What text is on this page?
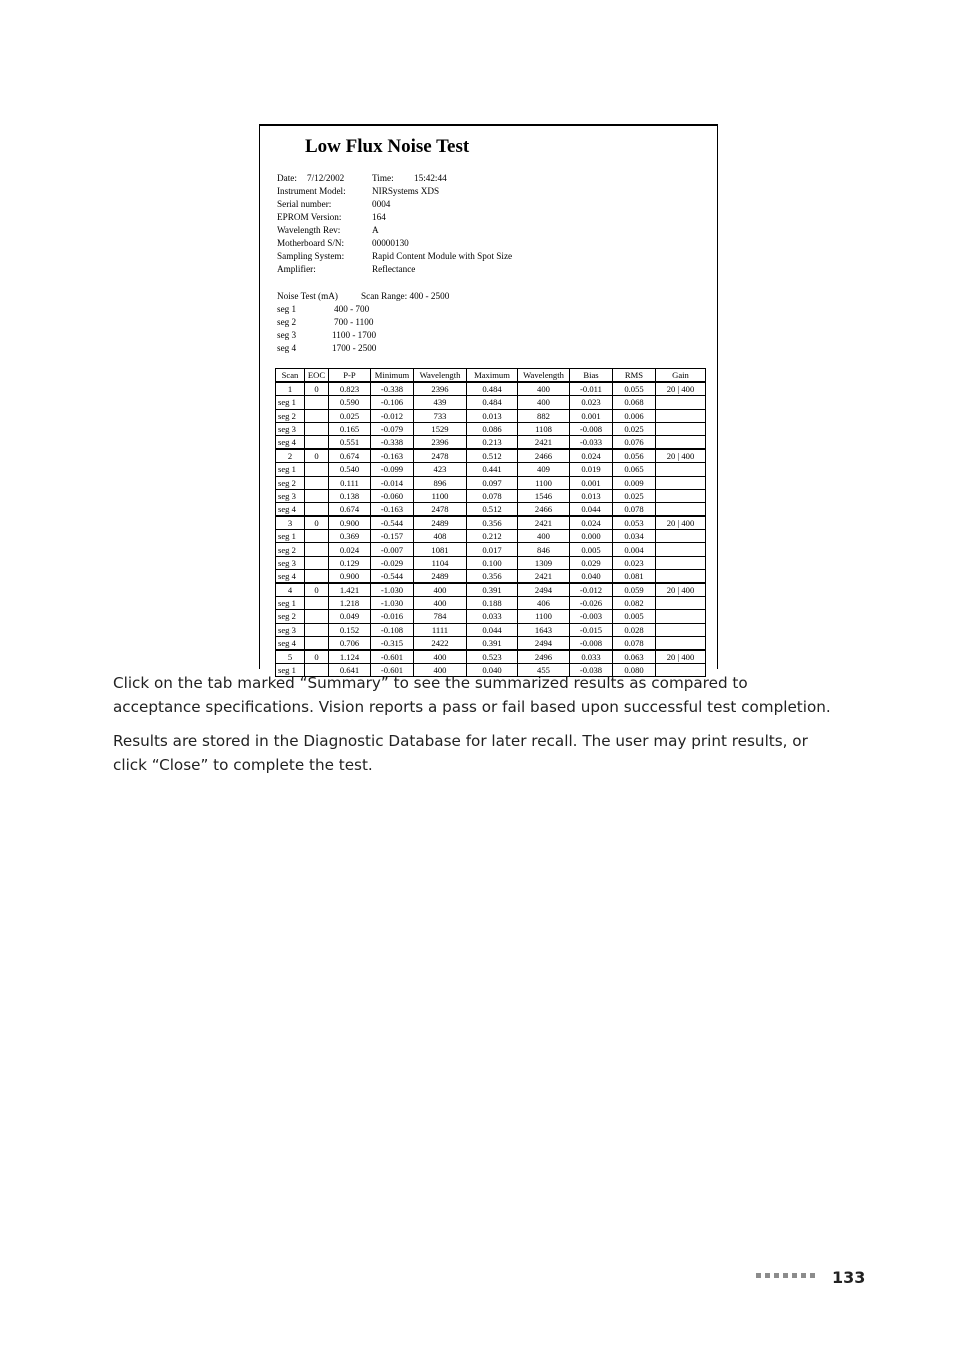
Low Flux Noise Test
Date: 7/12/2002	Time: 15:42:44
Instrument Model:	NIRSystems XDS
Serial number:	0004
EPROM Version:	164
Wavelength Rev:	A
Motherboard S/N:	00000130
Sampling System:	Rapid Content Module with Spot Size
Amplifier:	Reflectance
Noise Test (mA)	Scan Range: 400 - 2500
seg 1	400 - 700
seg 2	700 - 1100
seg 3	1100 - 1700
seg 4	1700 - 2500
Scan	EOC	P-P	Minimum	Wavelength	Maximum	Wavelength	Bias	RMS	Gain
1	0	0.823	-0.338	2396	0.484	400	-0.011	0.055	20 | 400
seg 1		0.590	-0.106	439	0.484	400	0.023	0.068	
seg 2		0.025	-0.012	733	0.013	882	0.001	0.006	
seg 3		0.165	-0.079	1529	0.086	1108	-0.008	0.025	
seg 4		0.551	-0.338	2396	0.213	2421	-0.033	0.076	
2	0	0.674	-0.163	2478	0.512	2466	0.024	0.056	20 | 400
seg 1		0.540	-0.099	423	0.441	409	0.019	0.065	
seg 2		0.111	-0.014	896	0.097	1100	0.001	0.009	
seg 3		0.138	-0.060	1100	0.078	1546	0.013	0.025	
seg 4		0.674	-0.163	2478	0.512	2466	0.044	0.078	
3	0	0.900	-0.544	2489	0.356	2421	0.024	0.053	20 | 400
seg 1		0.369	-0.157	408	0.212	400	0.000	0.034	
seg 2		0.024	-0.007	1081	0.017	846	0.005	0.004	
seg 3		0.129	-0.029	1104	0.100	1309	0.029	0.023	
seg 4		0.900	-0.544	2489	0.356	2421	0.040	0.081	
4	0	1.421	-1.030	400	0.391	2494	-0.012	0.059	20 | 400
seg 1		1.218	-1.030	400	0.188	406	-0.026	0.082	
seg 2		0.049	-0.016	784	0.033	1100	-0.003	0.005	
seg 3		0.152	-0.108	1111	0.044	1643	-0.015	0.028	
seg 4		0.706	-0.315	2422	0.391	2494	-0.008	0.078	
5	0	1.124	-0.601	400	0.523	2496	0.033	0.063	20 | 400
seg 1		0.641	-0.601	400	0.040	455	-0.038	0.080	

Click on the tab marked “Summary” to see the summarized results as compared to acceptance specifications. Vision reports a pass or fail based upon successful test completion.

Results are stored in the Diagnostic Database for later recall. The user may print results, or click “Close” to complete the test.

133
